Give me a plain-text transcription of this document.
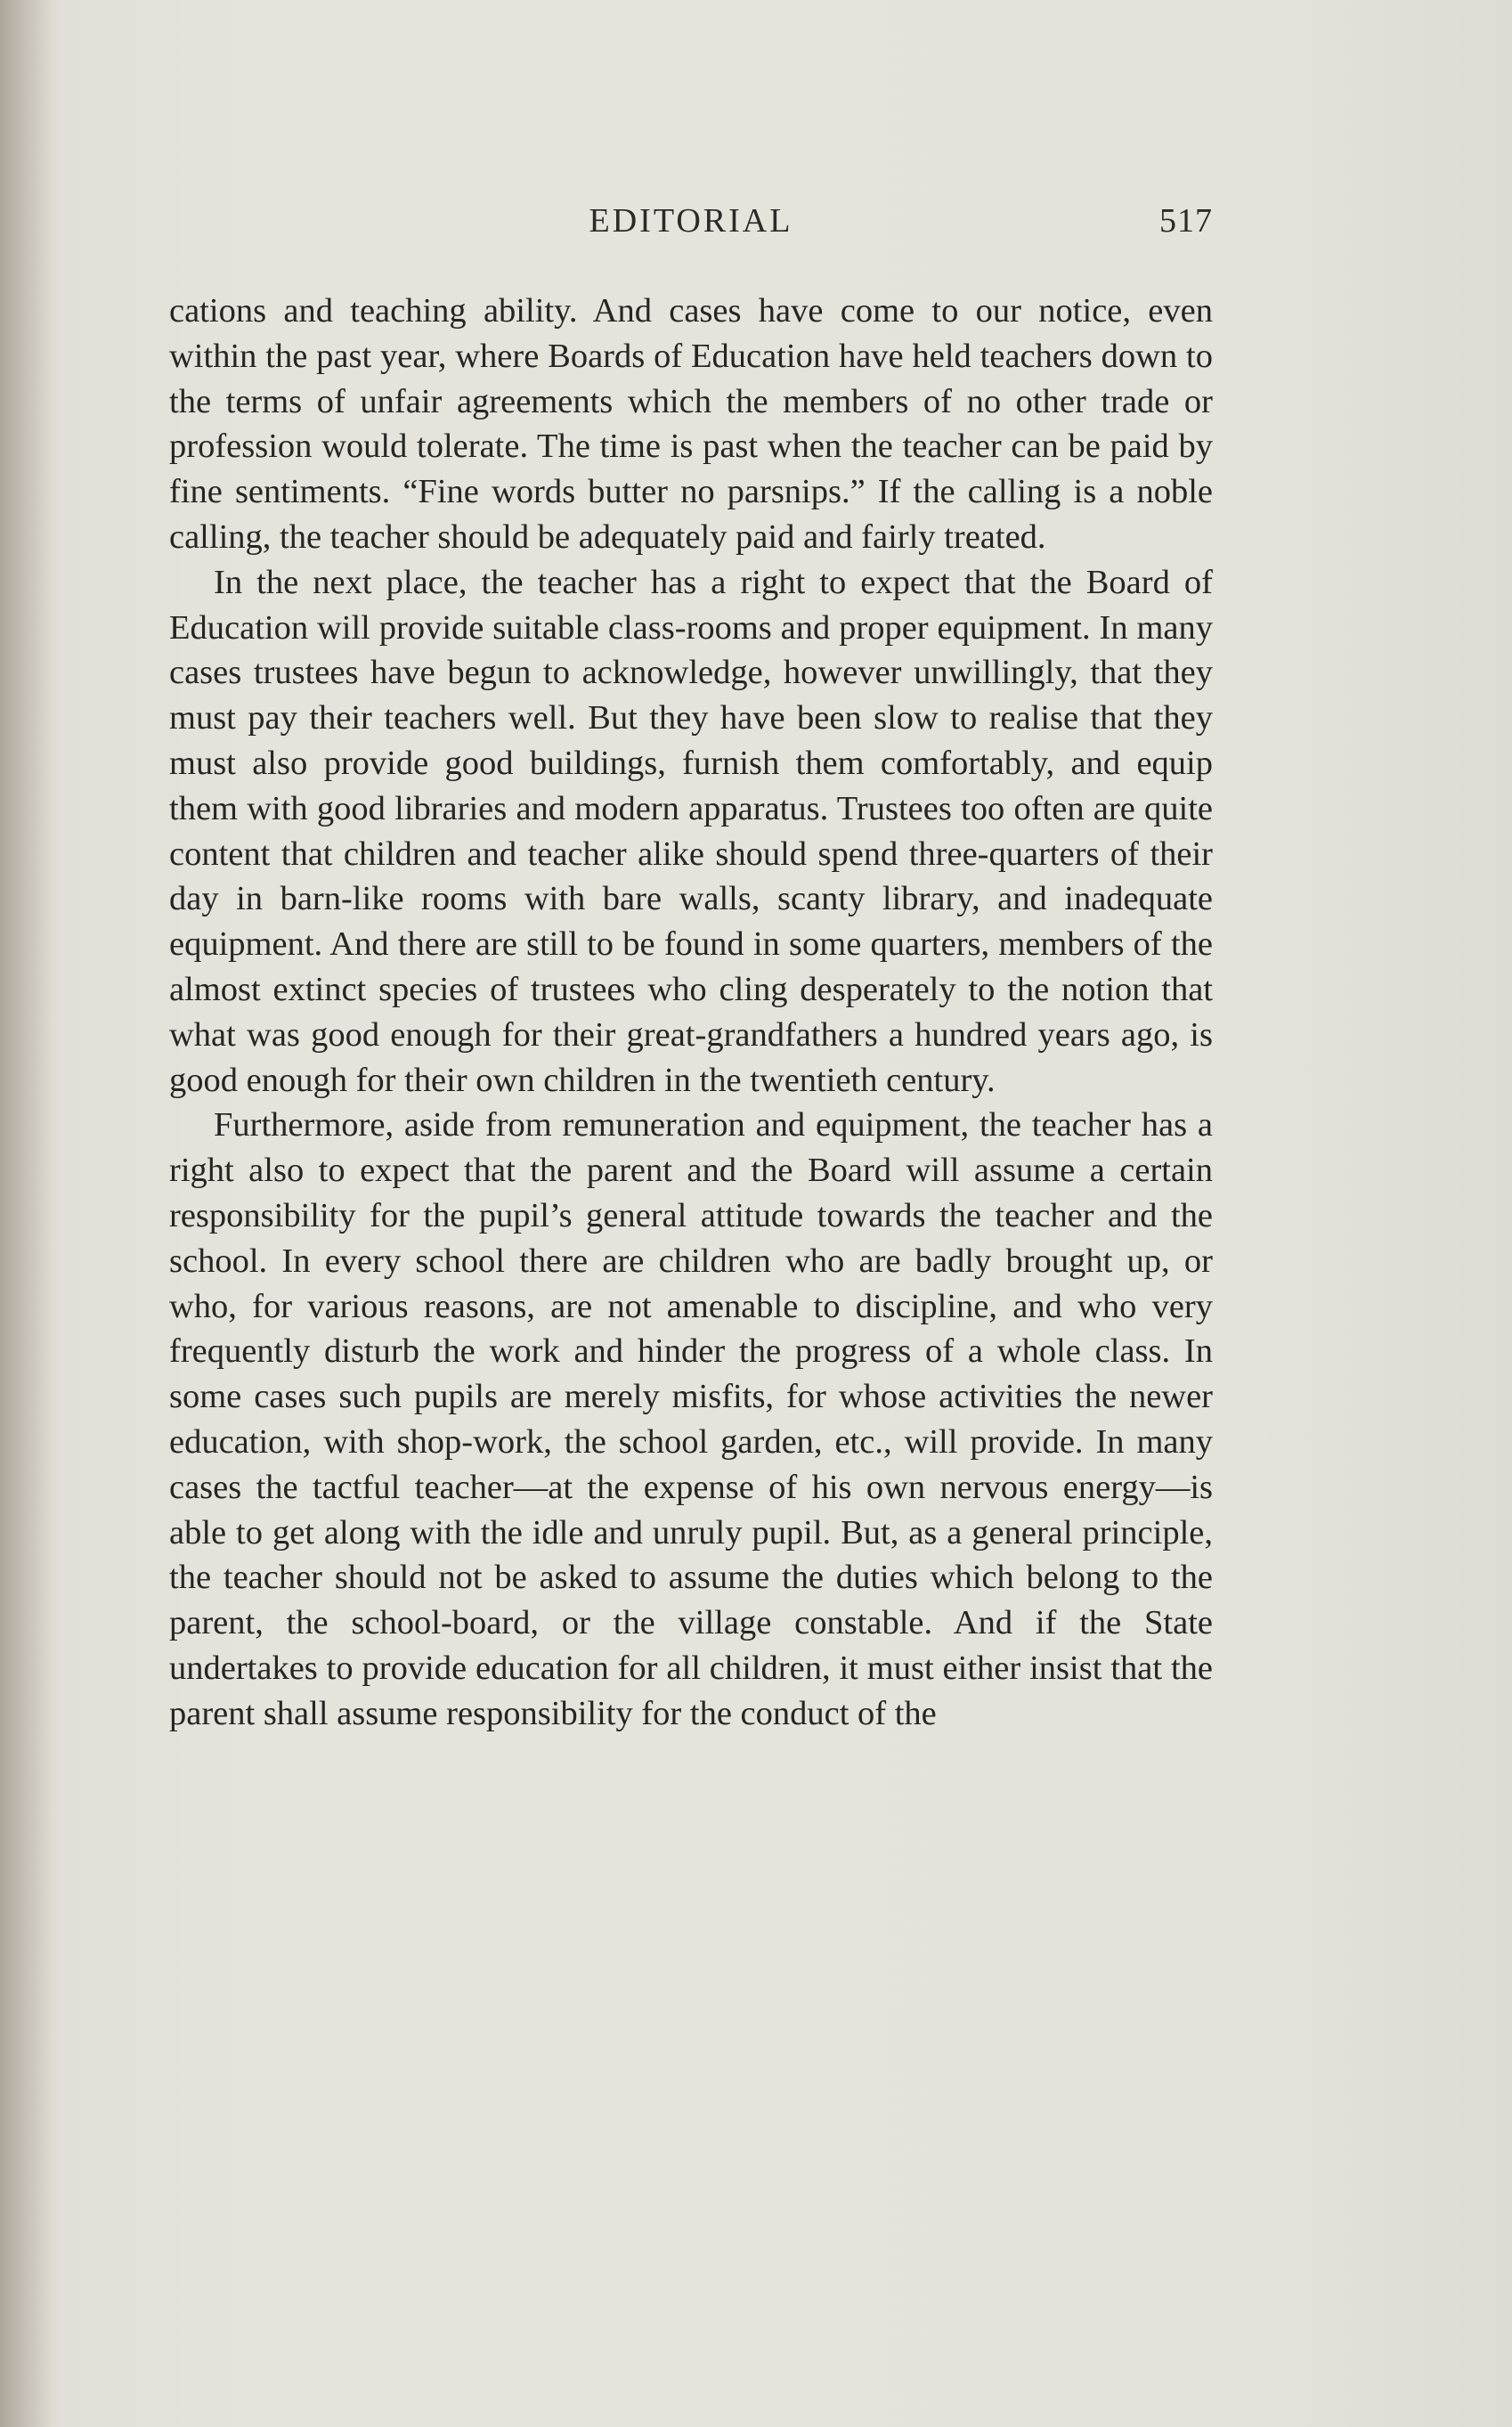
EDITORIAL	517

cations and teaching ability. And cases have come to our notice, even within the past year, where Boards of Education have held teachers down to the terms of unfair agreements which the members of no other trade or profession would tolerate. The time is past when the teacher can be paid by fine sentiments. “Fine words butter no parsnips.” If the calling is a noble calling, the teacher should be adequately paid and fairly treated.

In the next place, the teacher has a right to expect that the Board of Education will provide suitable class-rooms and proper equipment. In many cases trustees have begun to acknowledge, however unwillingly, that they must pay their teachers well. But they have been slow to realise that they must also provide good buildings, furnish them comfortably, and equip them with good libraries and modern apparatus. Trustees too often are quite content that children and teacher alike should spend three-quarters of their day in barn-like rooms with bare walls, scanty library, and inadequate equipment. And there are still to be found in some quarters, members of the almost extinct species of trustees who cling desperately to the notion that what was good enough for their great-grandfathers a hundred years ago, is good enough for their own children in the twentieth century.

Furthermore, aside from remuneration and equipment, the teacher has a right also to expect that the parent and the Board will assume a certain responsibility for the pupil’s general attitude towards the teacher and the school. In every school there are children who are badly brought up, or who, for various reasons, are not amenable to discipline, and who very frequently disturb the work and hinder the progress of a whole class. In some cases such pupils are merely misfits, for whose activities the newer education, with shop-work, the school garden, etc., will provide. In many cases the tactful teacher—at the expense of his own nervous energy—is able to get along with the idle and unruly pupil. But, as a general principle, the teacher should not be asked to assume the duties which belong to the parent, the school-board, or the village constable. And if the State undertakes to provide education for all children, it must either insist that the parent shall assume responsibility for the conduct of the
